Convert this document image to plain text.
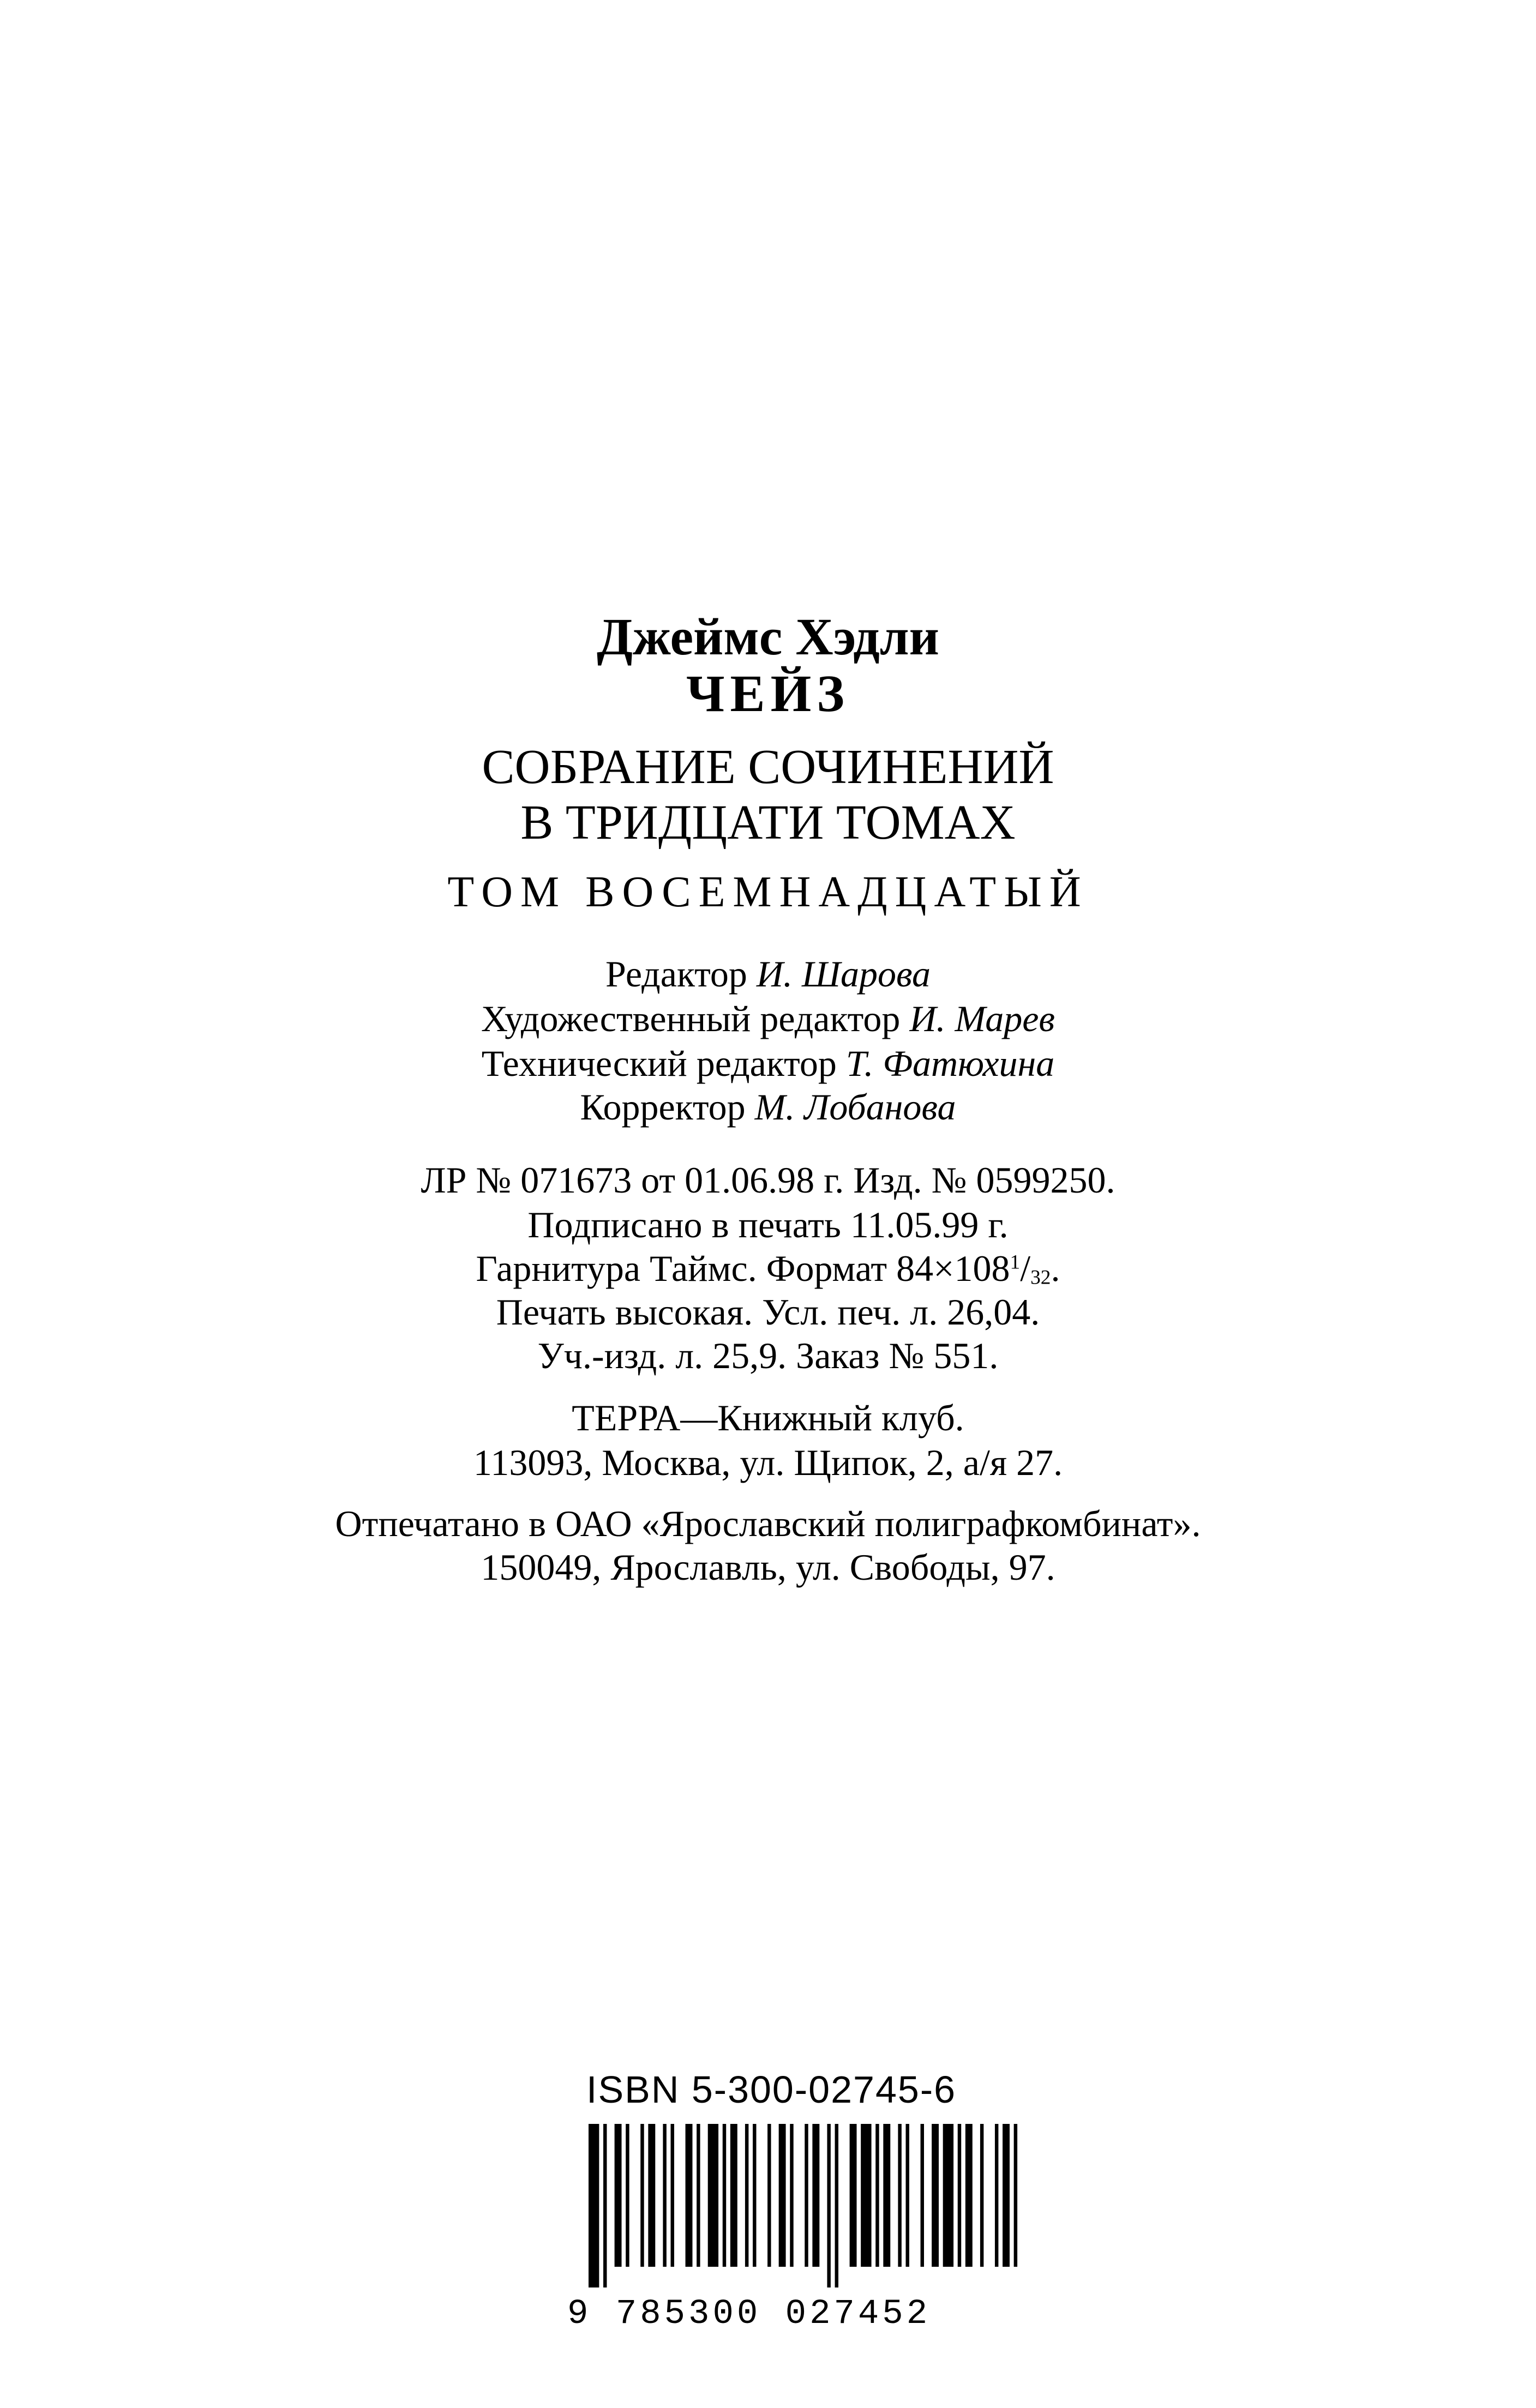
Джеймс Хэдли
ЧЕЙЗ
СОБРАНИЕ СОЧИНЕНИЙ
В ТРИДЦАТИ ТОМАХ
ТОМ ВОСЕМНАДЦАТЫЙ
Редактор И. Шарова
Художественный редактор И. Марев
Технический редактор Т. Фатюхина
Корректор М. Лобанова
ЛР № 071673 от 01.06.98 г. Изд. № 0599250.
Подписано в печать 11.05.99 г.
Гарнитура Таймс. Формат $84\times 108^1/_{32}$.
Печать высокая. Усл. печ. л. 26,04.
Уч.-изд. л. 25,9. Заказ № 551.
ТЕРРА—Книжный клуб.
113093, Москва, ул. Щипок, 2, а/я 27.
Отпечатано в ОАО «Ярославский полиграфкомбинат».
150049, Ярославль, ул. Свободы, 97.
ISBN 5-300-02745-6
9 785300 027452
